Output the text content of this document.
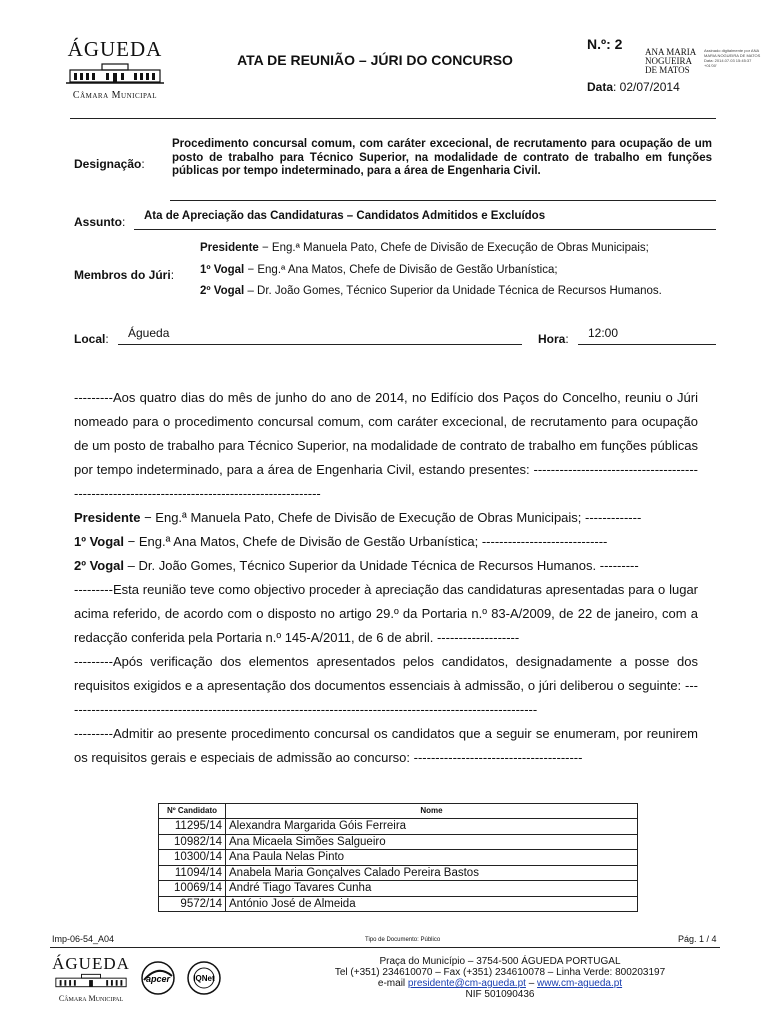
ÁGUEDA
Câmara Municipal
ATA DE REUNIÃO – JÚRI DO CONCURSO
N.º: 2	ANA MARIA NOGUEIRA DE MATOS
Assinado digitalmente por ANA MARIA NOGUEIRA DE MATOS Data: 2014.07.03 15:45:37 +01'00'
Data: 02/07/2014
Designação:
Procedimento concursal comum, com caráter excecional, de recrutamento para ocupação de um posto de trabalho para Técnico Superior, na modalidade de contrato de trabalho em funções públicas por tempo indeterminado, para a área de Engenharia Civil.
Assunto: Ata de Apreciação das Candidaturas – Candidatos Admitidos e Excluídos
Membros do Júri:
Presidente − Eng.ª Manuela Pato, Chefe de Divisão de Execução de Obras Municipais;
1º Vogal − Eng.ª Ana Matos, Chefe de Divisão de Gestão Urbanística;
2º Vogal – Dr. João Gomes, Técnico Superior da Unidade Técnica de Recursos Humanos.
Local: Águeda	Hora: 12:00

---------Aos quatro dias do mês de junho do ano de 2014, no Edifício dos Paços do Concelho, reuniu o Júri nomeado para o procedimento concursal comum, com caráter excecional, de recrutamento para ocupação de um posto de trabalho para Técnico Superior, na modalidade de contrato de trabalho em funções públicas por tempo indeterminado, para a área de Engenharia Civil, estando presentes: -----------------------------------------------------------------------------------------------

Presidente − Eng.ª Manuela Pato, Chefe de Divisão de Execução de Obras Municipais; -------------

1º Vogal − Eng.ª Ana Matos, Chefe de Divisão de Gestão Urbanística; -----------------------------

2º Vogal – Dr. João Gomes, Técnico Superior da Unidade Técnica de Recursos Humanos. ---------

---------Esta reunião teve como objectivo proceder à apreciação das candidaturas apresentadas para o lugar acima referido, de acordo com o disposto no artigo 29.º da Portaria n.º 83-A/2009, de 22 de janeiro, com a redacção conferida pela Portaria n.º 145-A/2011, de 6 de abril. -------------------

---------Após verificação dos elementos apresentados pelos candidatos, designadamente a posse dos requisitos exigidos e a apresentação dos documentos essenciais à admissão, o júri deliberou o seguinte: --------------------------------------------------------------------------------------------------------------

---------Admitir ao presente procedimento concursal os candidatos que a seguir se enumeram, por reunirem os requisitos gerais e especiais de admissão ao concurso: ---------------------------------------

Nº Candidato	Nome
11295/14	Alexandra Margarida Góis Ferreira
10982/14	Ana Micaela Simões Salgueiro
10300/14	Ana Paula Nelas Pinto
11094/14	Anabela Maria Gonçalves Calado Pereira Bastos
10069/14	André Tiago Tavares Cunha
9572/14	António José de Almeida
Imp-06-54_A04	Tipo de Documento: Público	Pág. 1 / 4
ÁGUEDA
Câmara Municipal
apcer	IQNet
Praça do Município – 3754-500 ÁGUEDA PORTUGAL
Tel (+351) 234610070 – Fax (+351) 234610078 – Linha Verde: 800203197
e-mail presidente@cm-agueda.pt – www.cm-agueda.pt
NIF 501090436
